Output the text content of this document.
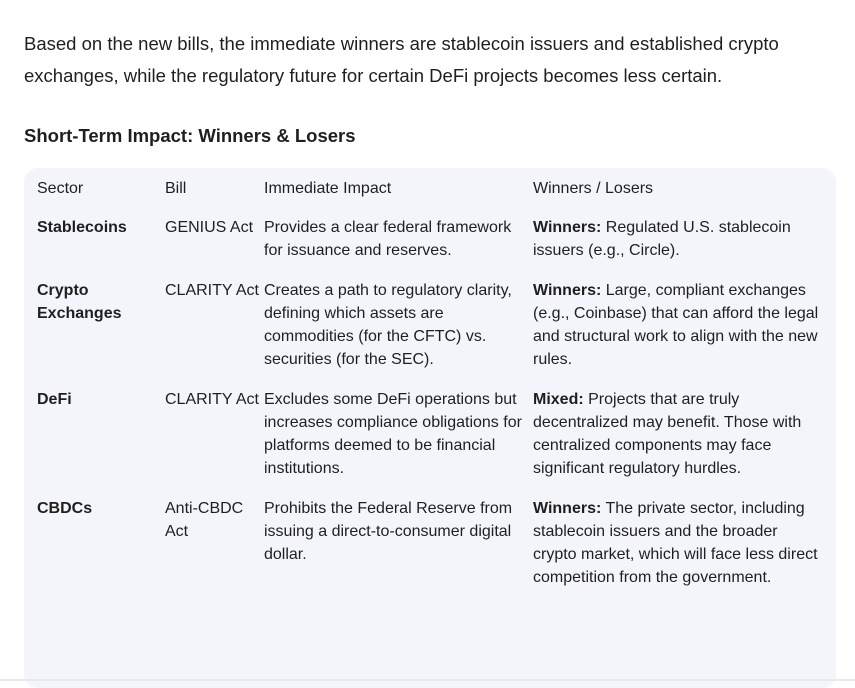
Based on the new bills, the immediate winners are stablecoin issuers and established crypto exchanges, while the regulatory future for certain DeFi projects becomes less certain.

Short-Term Impact: Winners & Losers
Sector	Bill	Immediate Impact	Winners / Losers
Stablecoins	GENIUS Act	Provides a clear federal framework for issuance and reserves.	Winners: Regulated U.S. stablecoin issuers (e.g., Circle).
Crypto Exchanges	CLARITY Act	Creates a path to regulatory clarity, defining which assets are commodities (for the CFTC) vs. securities (for the SEC).	Winners: Large, compliant exchanges (e.g., Coinbase) that can afford the legal and structural work to align with the new rules.
DeFi	CLARITY Act	Excludes some DeFi operations but increases compliance obligations for platforms deemed to be financial institutions.	Mixed: Projects that are truly decentralized may benefit. Those with centralized components may face significant regulatory hurdles.
CBDCs	Anti-CBDC Act	Prohibits the Federal Reserve from issuing a direct-to-consumer digital dollar.	Winners: The private sector, including stablecoin issuers and the broader crypto market, which will face less direct competition from the government.
